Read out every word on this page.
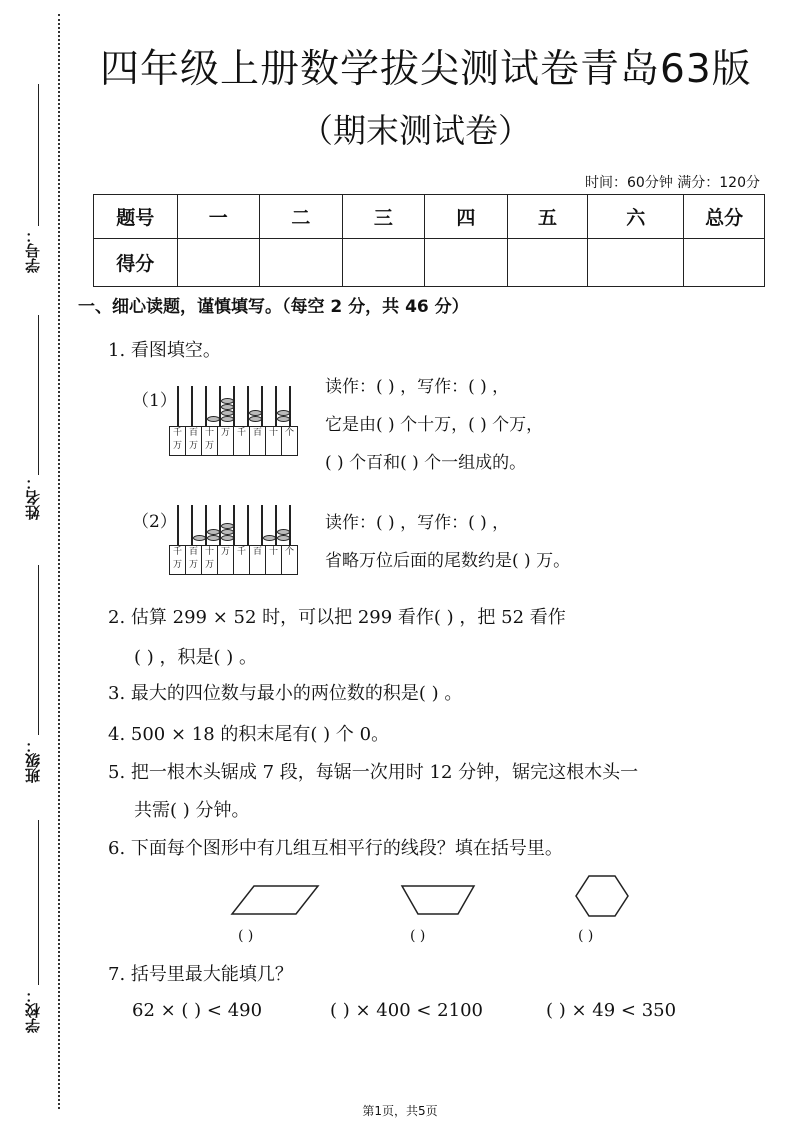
学号：
姓名：
班级：
学校：
四年级上册数学拔尖测试卷青岛63版
（期末测试卷）
时间：60分钟 满分：120分
题号	一	二	三	四	五	六	总分
得分							
一、细心读题，谨慎填写。（每空 2 分，共 46 分）
1. 看图填空。
（1）
千万
百万
十万
万 千 百 十 个
读作：( ) ，写作：( ) ，
它是由( ) 个十万，( ) 个万，
( ) 个百和( ) 个一组成的。
（2）
千万
百万
十万
万 千 百 十 个
读作：( ) ，写作：( ) ，
省略万位后面的尾数约是( ) 万。
2. 估算 299 × 52 时，可以把 299 看作( ) ，把 52 看作
( ) ，积是( ) 。
3. 最大的四位数与最小的两位数的积是( ) 。
4. 500 × 18 的积末尾有( ) 个 0。
5. 把一根木头锯成 7 段，每锯一次用时 12 分钟，锯完这根木头一
共需( ) 分钟。
6. 下面每个图形中有几组互相平行的线段？填在括号里。
( )	( )	( )
7. 括号里最大能填几？
62 × ( ) < 490	( ) × 400 < 2100	( ) × 49 < 350
第1页，共5页
